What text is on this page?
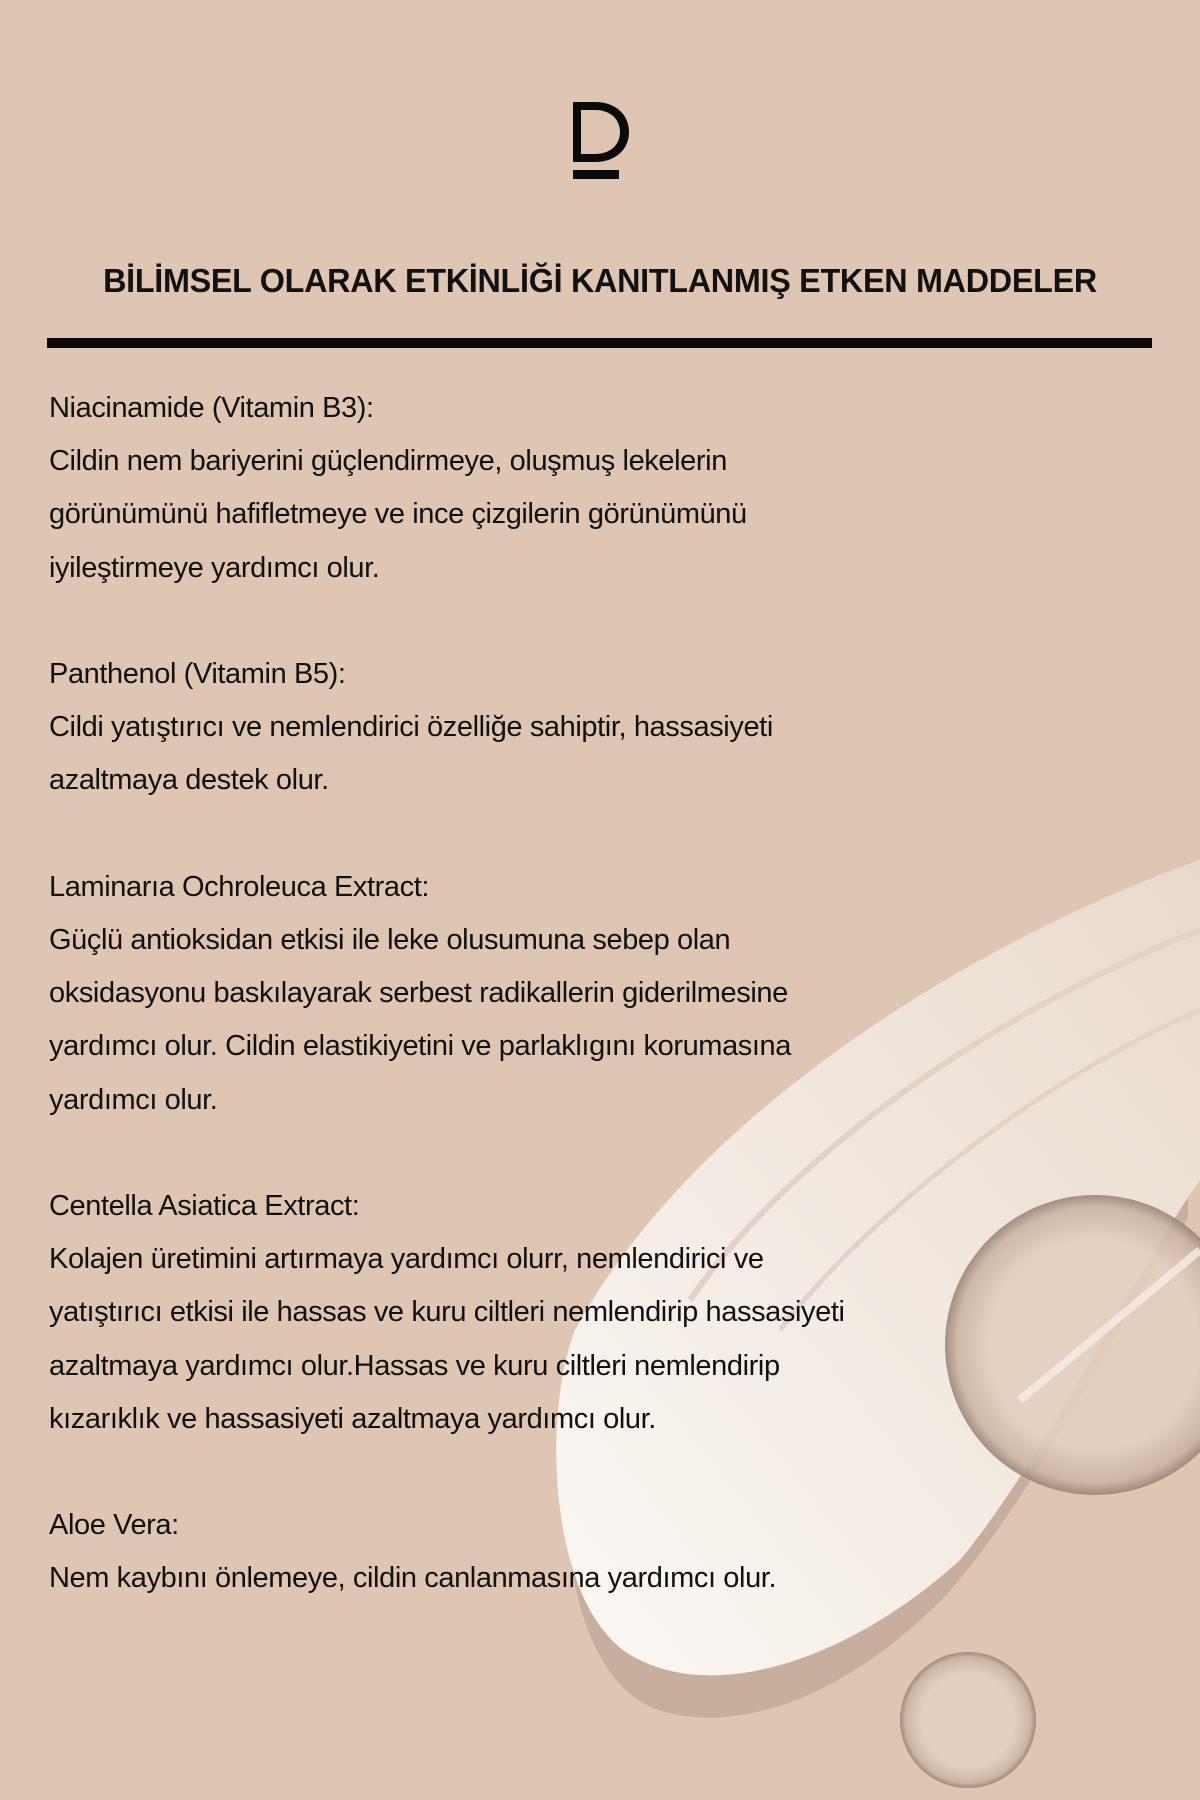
BİLİMSEL OLARAK ETKİNLİĞİ KANITLANMIŞ ETKEN MADDELER

Niacinamide (Vitamin B3):

Cildin nem bariyerini güçlendirmeye, oluşmuş lekelerin

görünümünü hafifletmeye ve ince çizgilerin görünümünü

iyileştirmeye yardımcı olur.

Panthenol (Vitamin B5):

Cildi yatıştırıcı ve nemlendirici özelliğe sahiptir, hassasiyeti

azaltmaya destek olur.

Laminarıa Ochroleuca Extract:

Güçlü antioksidan etkisi ile leke olusumuna sebep olan

oksidasyonu baskılayarak serbest radikallerin giderilmesine

yardımcı olur. Cildin elastikiyetini ve parlaklıgını korumasına

yardımcı olur.

Centella Asiatica Extract:

Kolajen üretimini artırmaya yardımcı olurr, nemlendirici ve

yatıştırıcı etkisi ile hassas ve kuru ciltleri nemlendirip hassasiyeti

azaltmaya yardımcı olur.Hassas ve kuru ciltleri nemlendirip

kızarıklık ve hassasiyeti azaltmaya yardımcı olur.

Aloe Vera:

Nem kaybını önlemeye, cildin canlanmasına yardımcı olur.
